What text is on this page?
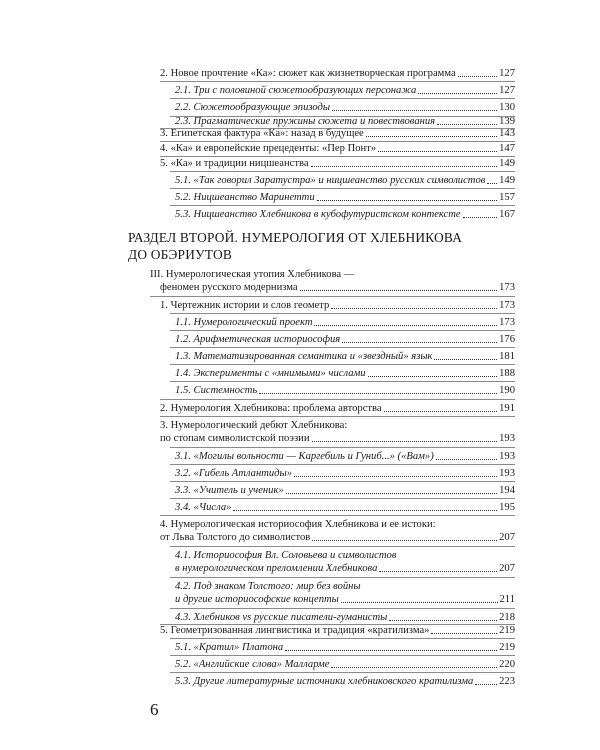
2. Новое прочтение «Ка»: сюжет как жизнетворческая программа	127
2.1. Три с половиной сюжетообразующих персонажа	127
2.2. Сюжетообразующие эпизоды	130
2.3. Прагматические пружины сюжета и повествования	139
3. Египетская фактура «Ка»: назад в будущее	143
4. «Ка» и европейские прецеденты: «Пер Понт»	147
5. «Ка» и традиции ницшеанства	149
5.1. «Так говорил Заратустра» и ницшеанство русских символистов 149
5.2. Ницшеанство Маринетти	157
5.3. Ницшеанство Хлебникова в кубофутуристском контексте	167
РАЗДЕЛ ВТОРОЙ. НУМЕРОЛОГИЯ ОТ ХЛЕБНИКОВА
ДО ОБЭРИУТОВ
III. Нумерологическая утопия Хлебникова —
феномен русского модернизма	173
1. Чертежник истории и слов геометр	173
1.1. Нумерологический проект	173
1.2. Арифметическая историософия	176
1.3. Математизированная семантика и «звездный» язык	181
1.4. Эксперименты с «мнимыми» числами	188
1.5. Системность	190
2. Нумерология Хлебникова: проблема авторства	191
3. Нумерологический дебют Хлебникова:
по стопам символистской поэзии	193
3.1. «Могилы вольности — Каргебиль и Гуниб...» («Вам»)	193
3.2. «Гибель Атлантиды»	193
3.3. «Учитель и ученик»	194
3.4. «Числа»	195
4. Нумерологическая историософия Хлебникова и ее истоки:
от Льва Толстого до символистов	207
4.1. Историософия Вл. Соловьева и символистов
в нумерологическом преломлении Хлебникова	207
4.2. Под знаком Толстого: мир без войны
и другие историософские концепты	211
4.3. Хлебников vs русские писатели-гуманисты	218
5. Геометризованная лингвистика и традиция «кратилизма»	219
5.1. «Кратил» Платона	219
5.2. «Английские слова» Малларме	220
5.3. Другие литературные источники хлебниковского кратилизма 223
6
